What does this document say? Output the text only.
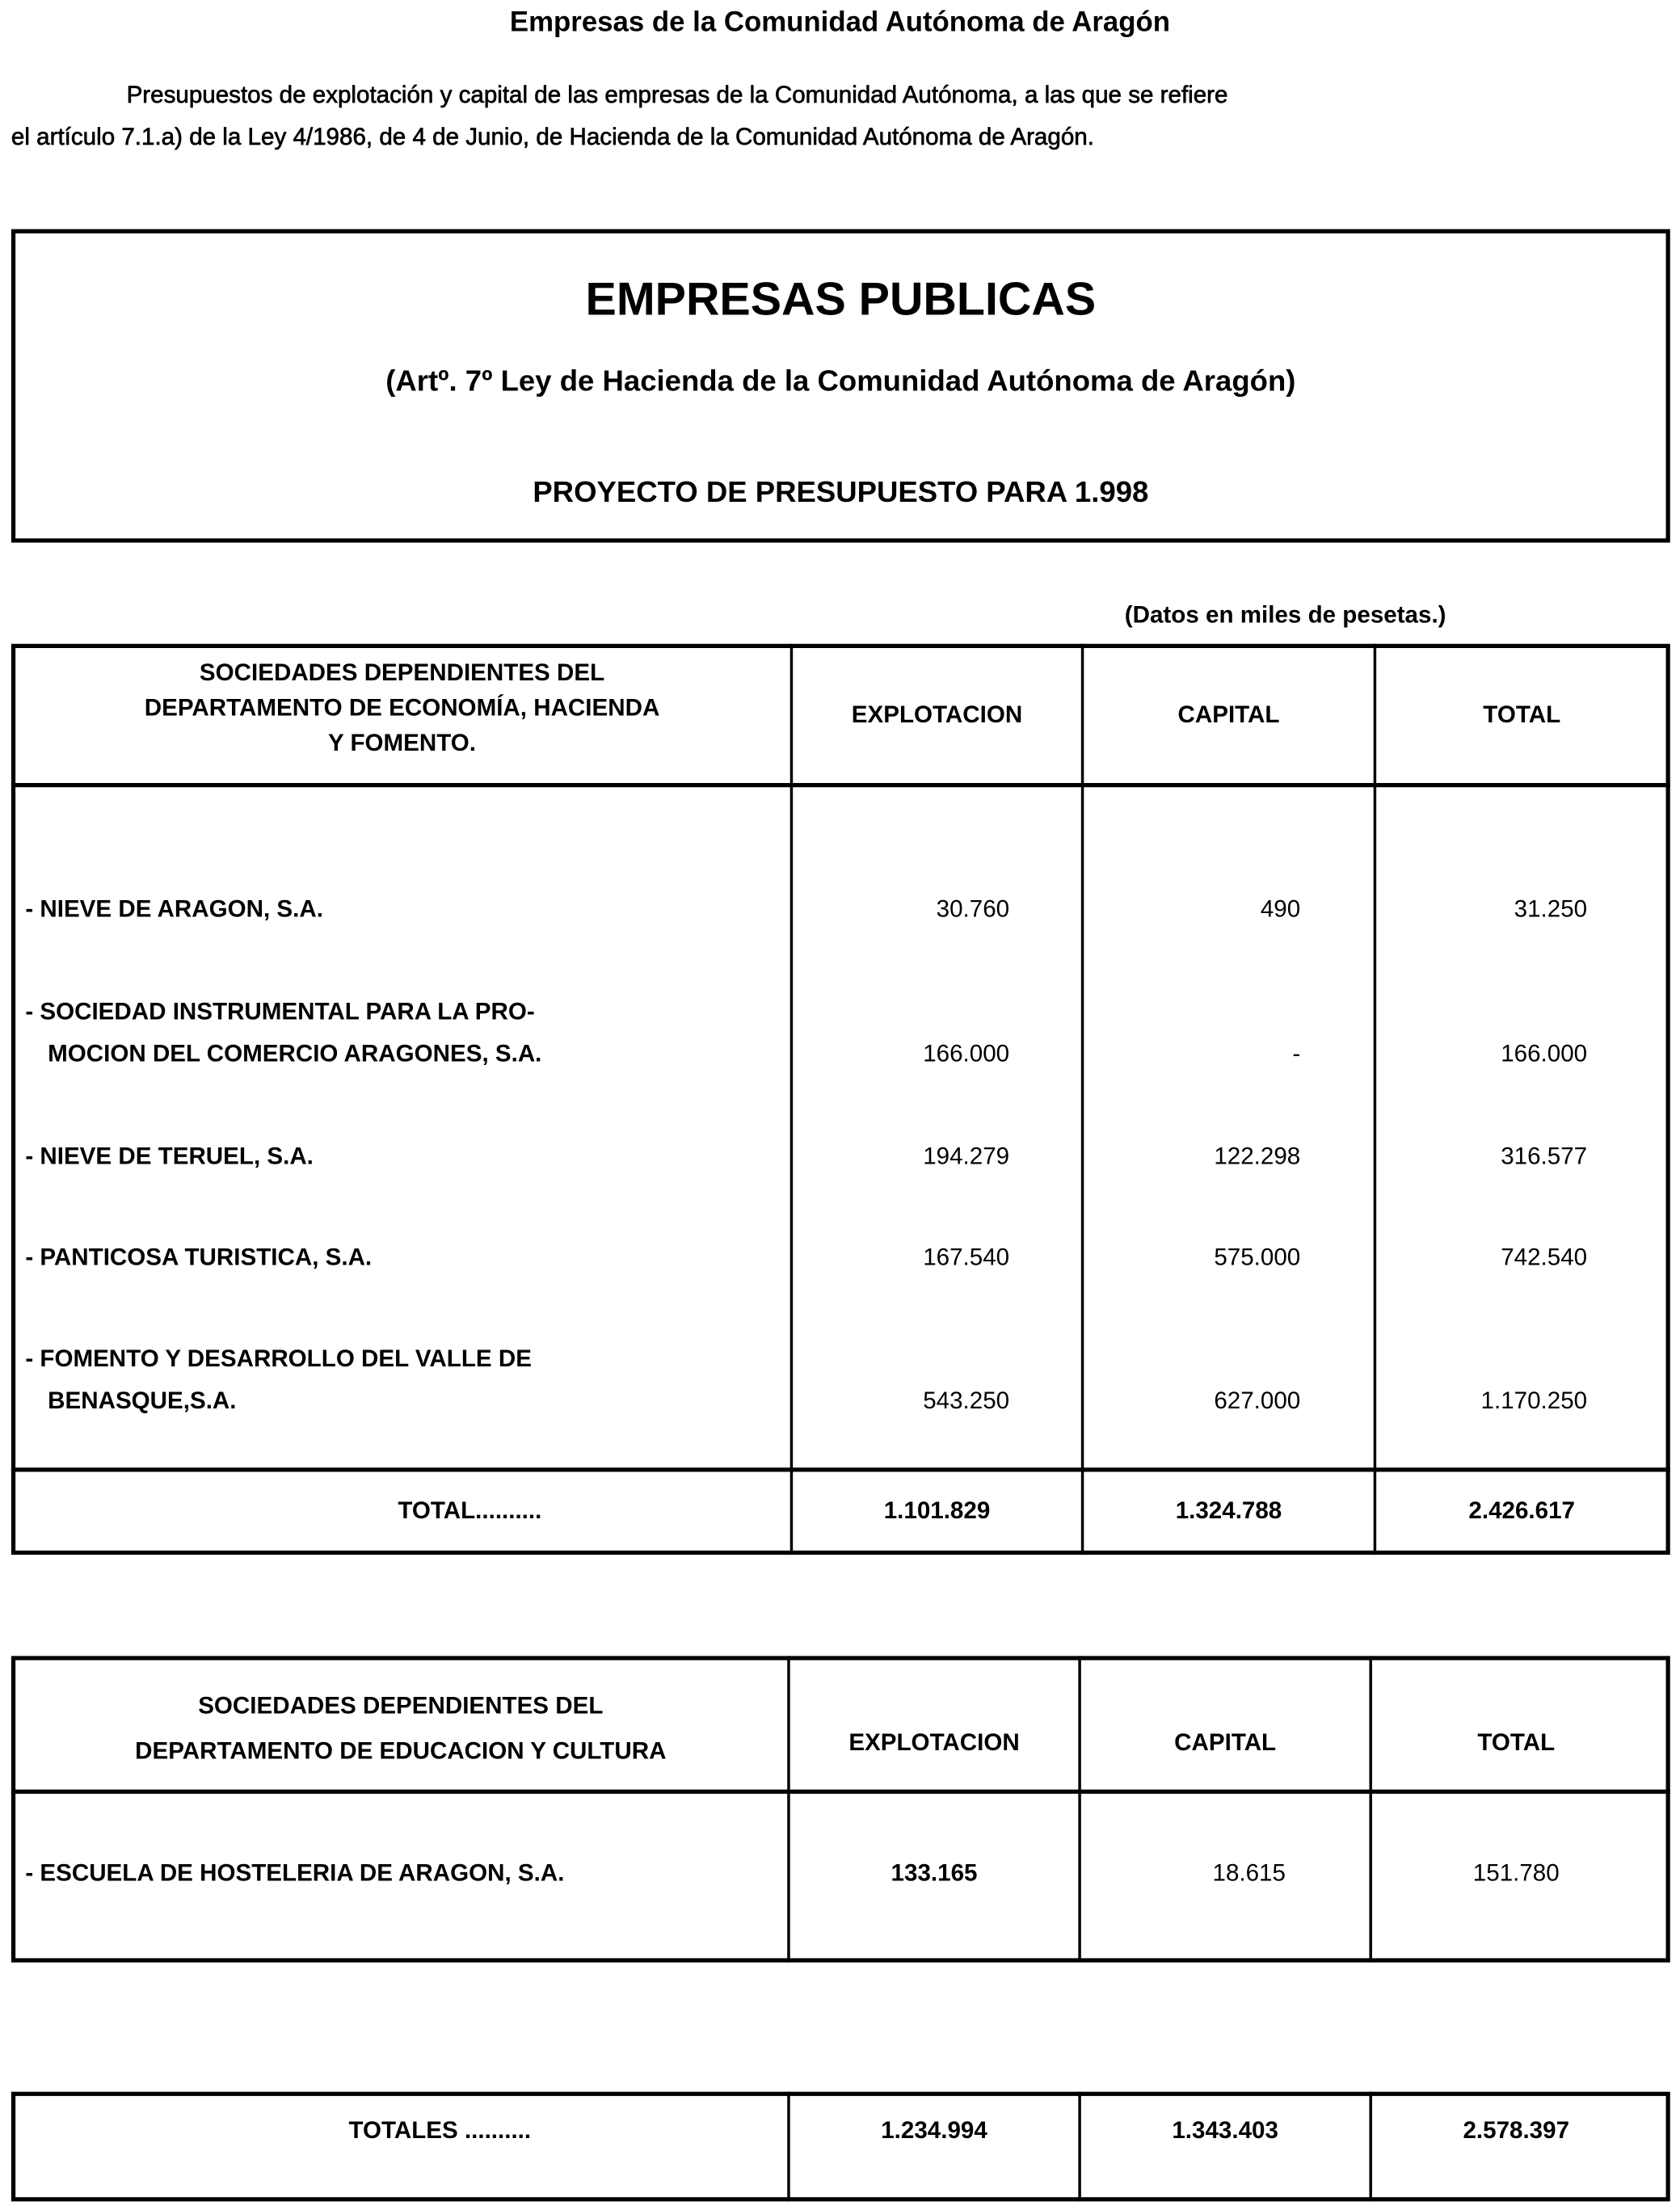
Empresas de la Comunidad Autónoma de Aragón
Presupuestos de explotación y capital de las empresas de la Comunidad Autónoma, a las que se refiere
el artículo 7.1.a) de la Ley 4/1986, de 4 de Junio, de Hacienda de la Comunidad Autónoma de Aragón.
EMPRESAS PUBLICAS
(Artº. 7º Ley de Hacienda de la Comunidad Autónoma de Aragón)
PROYECTO DE PRESUPUESTO PARA 1.998
(Datos en miles de pesetas.)
SOCIEDADES DEPENDIENTES DEL
DEPARTAMENTO DE ECONOMÍA, HACIENDA
Y FOMENTO.
EXPLOTACION	CAPITAL	TOTAL
- NIEVE DE ARAGON, S.A.	30.760	490	31.250
- SOCIEDAD INSTRUMENTAL PARA LA PRO-
MOCION DEL COMERCIO ARAGONES, S.A.	166.000	-	166.000
- NIEVE DE TERUEL, S.A.	194.279	122.298	316.577
- PANTICOSA TURISTICA, S.A.	167.540	575.000	742.540
- FOMENTO Y DESARROLLO DEL VALLE DE
BENASQUE,S.A.	543.250	627.000	1.170.250
TOTAL..........	1.101.829	1.324.788	2.426.617
SOCIEDADES DEPENDIENTES DEL
DEPARTAMENTO DE EDUCACION Y CULTURA	EXPLOTACION	CAPITAL	TOTAL
- ESCUELA DE HOSTELERIA DE ARAGON, S.A.	133.165	18.615	151.780
TOTALES ..........	1.234.994	1.343.403	2.578.397
